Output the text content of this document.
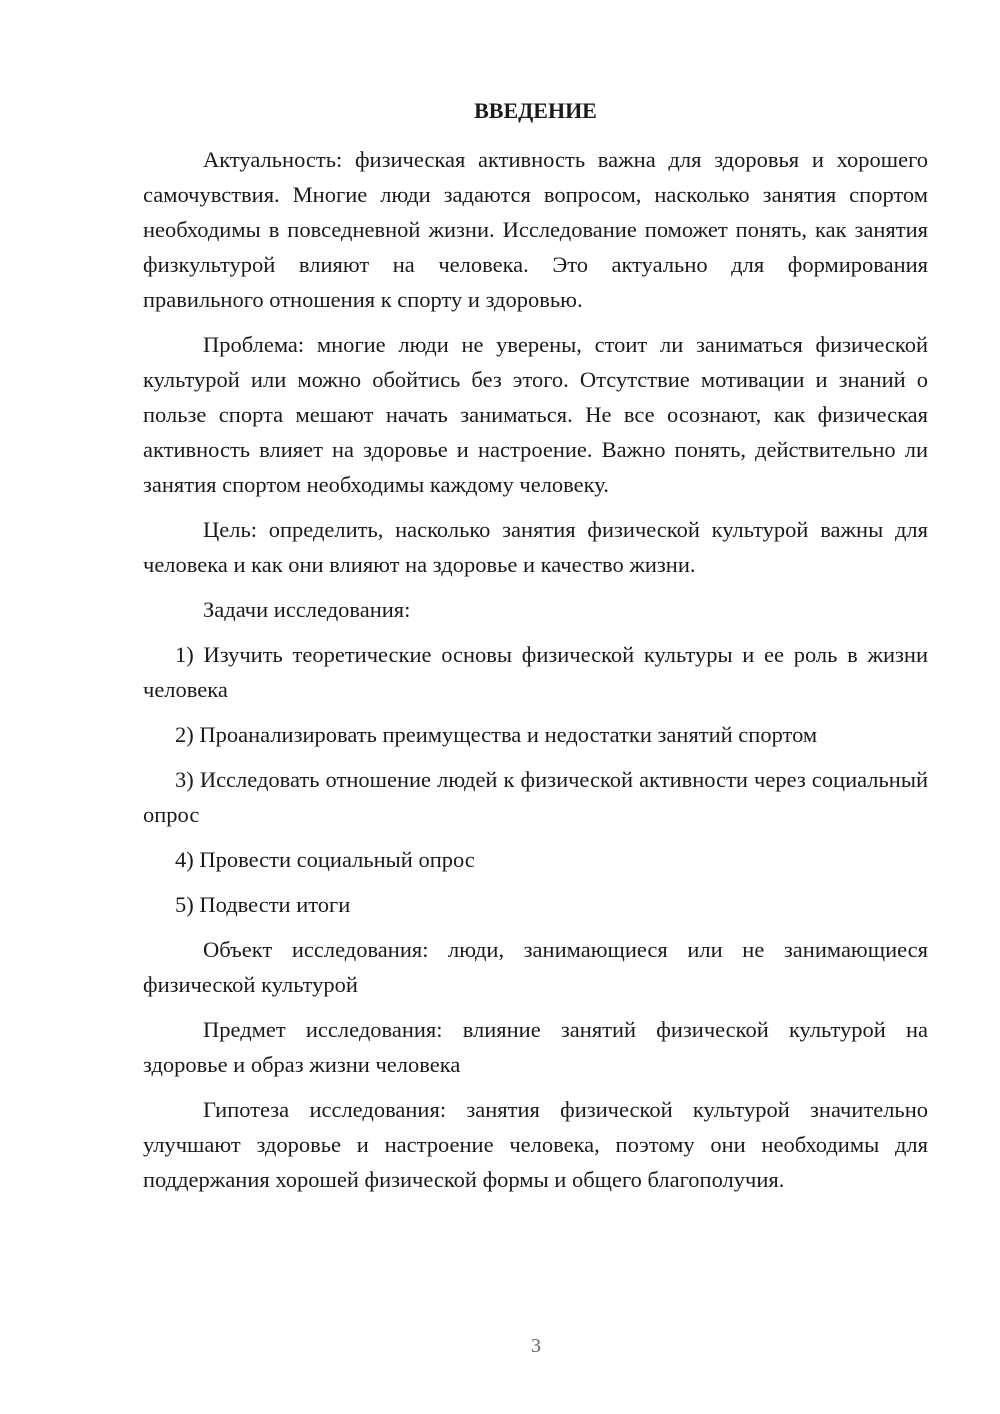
ВВЕДЕНИЕ

Актуальность: физическая активность важна для здоровья и хорошего самочувствия. Многие люди задаются вопросом, насколько занятия спортом необходимы в повседневной жизни. Исследование поможет понять, как занятия физкультурой влияют на человека. Это актуально для формирования правильного отношения к спорту и здоровью.

Проблема: многие люди не уверены, стоит ли заниматься физической культурой или можно обойтись без этого. Отсутствие мотивации и знаний о пользе спорта мешают начать заниматься. Не все осознают, как физическая активность влияет на здоровье и настроение. Важно понять, действительно ли занятия спортом необходимы каждому человеку.

Цель: определить, насколько занятия физической культурой важны для человека и как они влияют на здоровье и качество жизни.

Задачи исследования:

1) Изучить теоретические основы физической культуры и ее роль в жизни человека

2) Проанализировать преимущества и недостатки занятий спортом

3) Исследовать отношение людей к физической активности через социальный опрос

4) Провести социальный опрос

5) Подвести итоги

Объект исследования: люди, занимающиеся или не занимающиеся физической культурой

Предмет исследования: влияние занятий физической культурой на здоровье и образ жизни человека

Гипотеза исследования: занятия физической культурой значительно улучшают здоровье и настроение человека, поэтому они необходимы для поддержания хорошей физической формы и общего благополучия.

3
